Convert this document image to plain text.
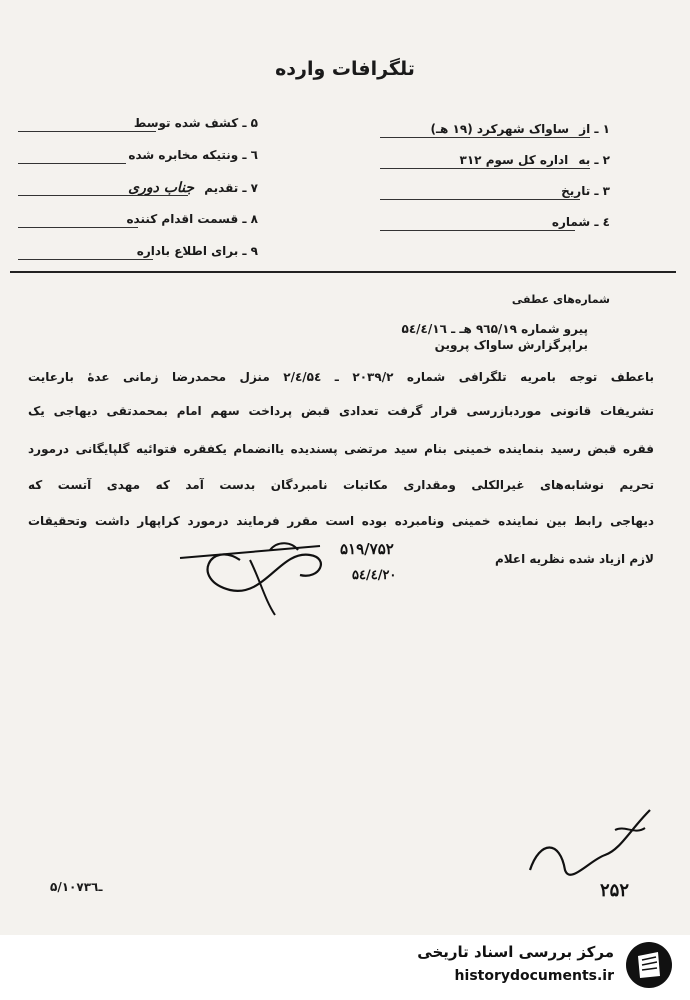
تلگرافات وارده
۱ ـ از ساواک شهرکرد (۱۹ هـ)
۲ ـ به اداره کل سوم ۳۱۲
۳ ـ تاریخ
٤ ـ شماره
۵ ـ کشف شده توسط
٦ ـ ونتیکه مخابره شده
۷ ـ تقدیم جناب دوری
۸ ـ قسمت اقدام کننده
۹ ـ برای اطلاع باداره
شماره‌های عطفی
پیرو شماره ۹٦۵/۱۹ هـ ـ ۵٤/٤/۱٦
براپرگزارش ساواک پروین
باعطف توجه بامریه تلگرافی شماره ۲۰۳۹/۲ ـ ۲/٤/۵٤ منزل محمدرضا زمانی عدهٔ بارعایت
تشریفات قانونی موردبازرسی قرار گرفت تعدادی قبض پرداخت سهم امام بمحمدتقی دیهاجی یک
فقره قبض رسید بنماینده خمینی بنام سید مرتضی پسندیده یاانضمام یکفقره فتوائیه گلپایگانی درمورد
تحریم نوشابه‌های غیرالکلی ومقداری مکاتبات نامبردگان بدست آمد که مهدی آتست که
دیهاجی رابط بین نماینده خمینی ونامبرده بوده است مقرر فرمایند درمورد کراپهار داشت وتحقیقات
لازم ازیاد شده نظریه اعلام
۵۱۹/۷۵۲
۵٤/٤/۲۰
۲۵۲
۵/۱۰۷ـ۳٦
مرکز بررسی اسناد تاریخی
historydocuments.ir
